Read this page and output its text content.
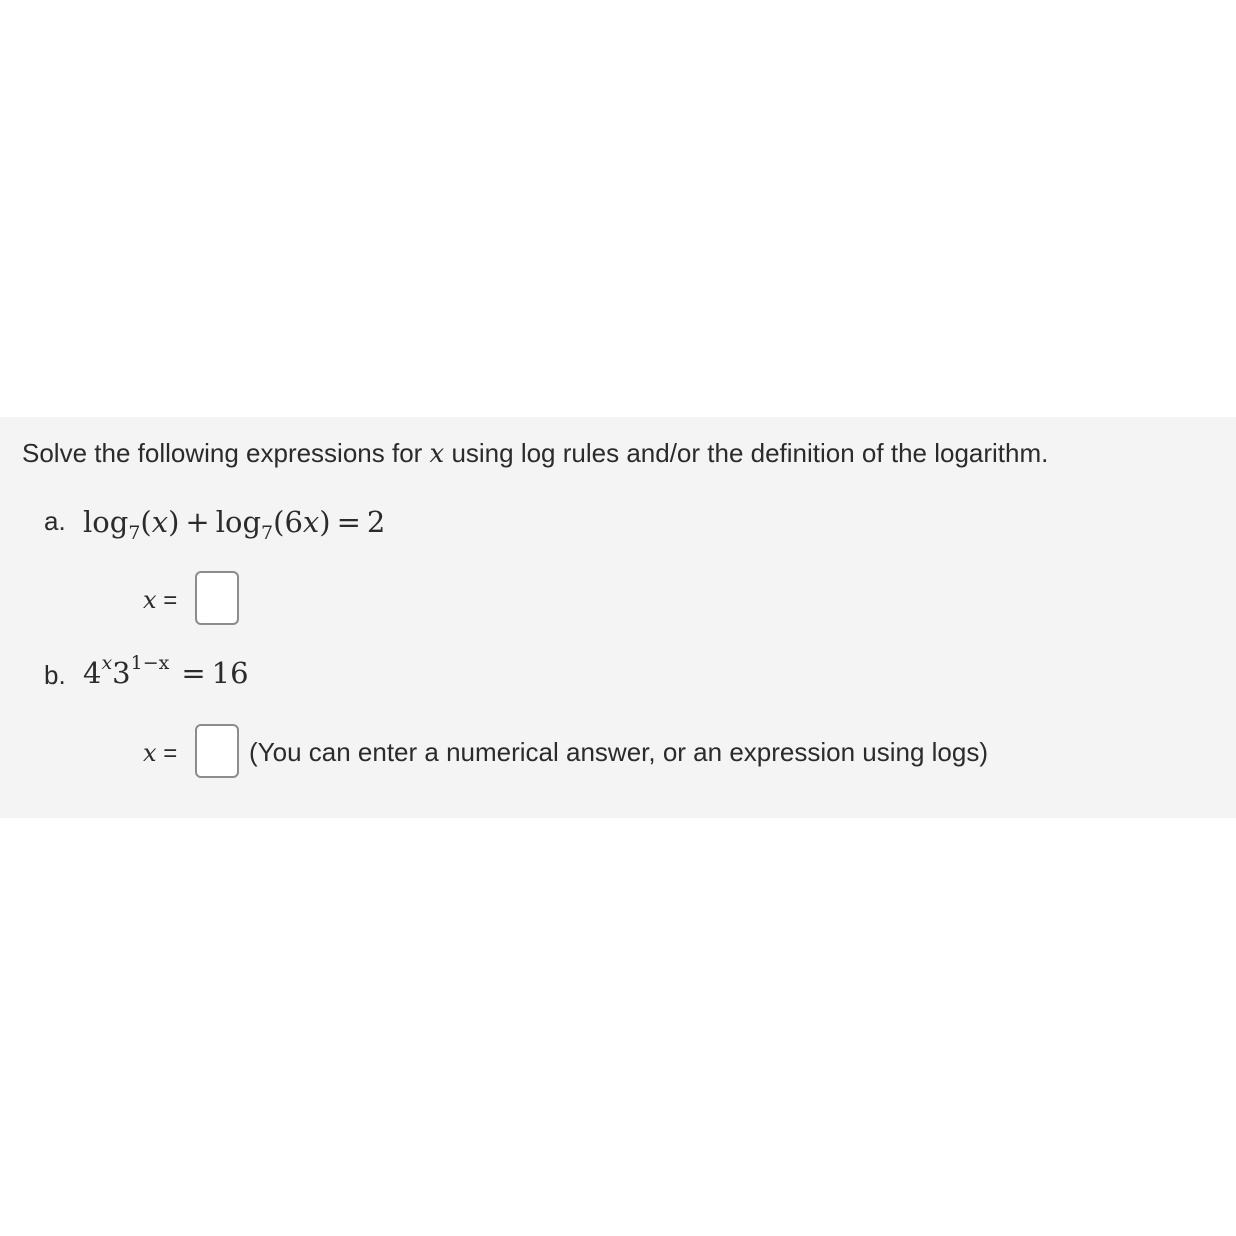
Solve the following expressions for x using log rules and/or the definition of the logarithm.
a. $\log_7(x) + \log_7(6x) = 2$
x =
b. $4^x3^{1-x} = 16$
x =	(You can enter a numerical answer, or an expression using logs)
